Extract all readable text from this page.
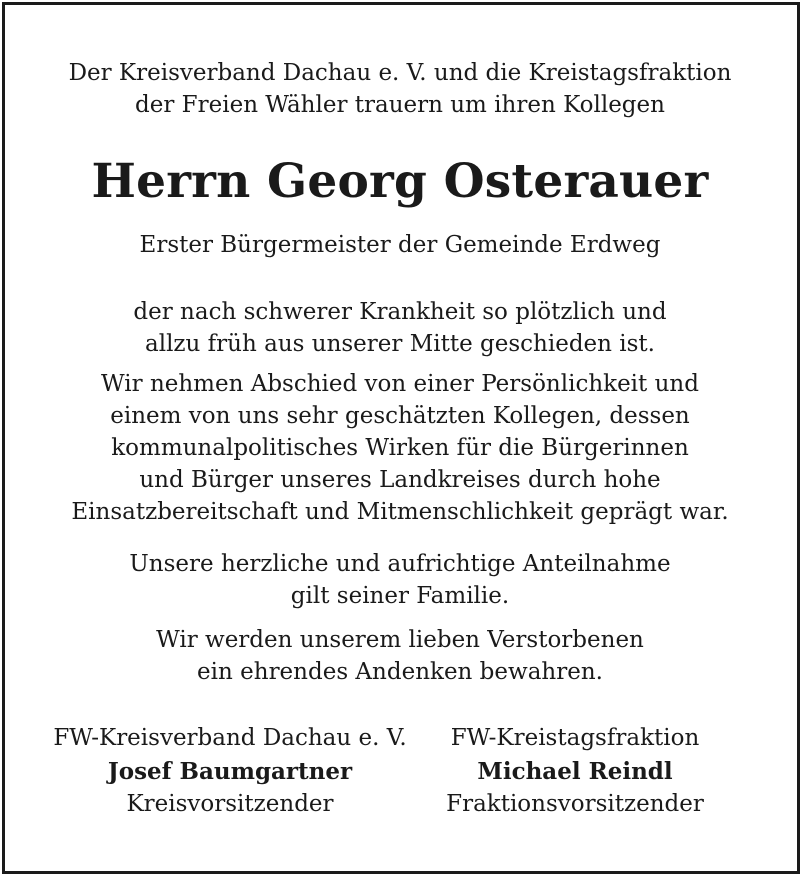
Der Kreisverband Dachau e. V. und die Kreistagsfraktion
der Freien Wähler trauern um ihren Kollegen
Herrn Georg Osterauer
Erster Bürgermeister der Gemeinde Erdweg
der nach schwerer Krankheit so plötzlich und
allzu früh aus unserer Mitte geschieden ist.
Wir nehmen Abschied von einer Persönlichkeit und
einem von uns sehr geschätzten Kollegen, dessen
kommunalpolitisches Wirken für die Bürgerinnen
und Bürger unseres Landkreises durch hohe
Einsatzbereitschaft und Mitmenschlichkeit geprägt war.
Unsere herzliche und aufrichtige Anteilnahme
gilt seiner Familie.
Wir werden unserem lieben Verstorbenen
ein ehrendes Andenken bewahren.
FW-Kreisverband Dachau e. V.
Josef Baumgartner
Kreisvorsitzender
FW-Kreistagsfraktion
Michael Reindl
Fraktionsvorsitzender
